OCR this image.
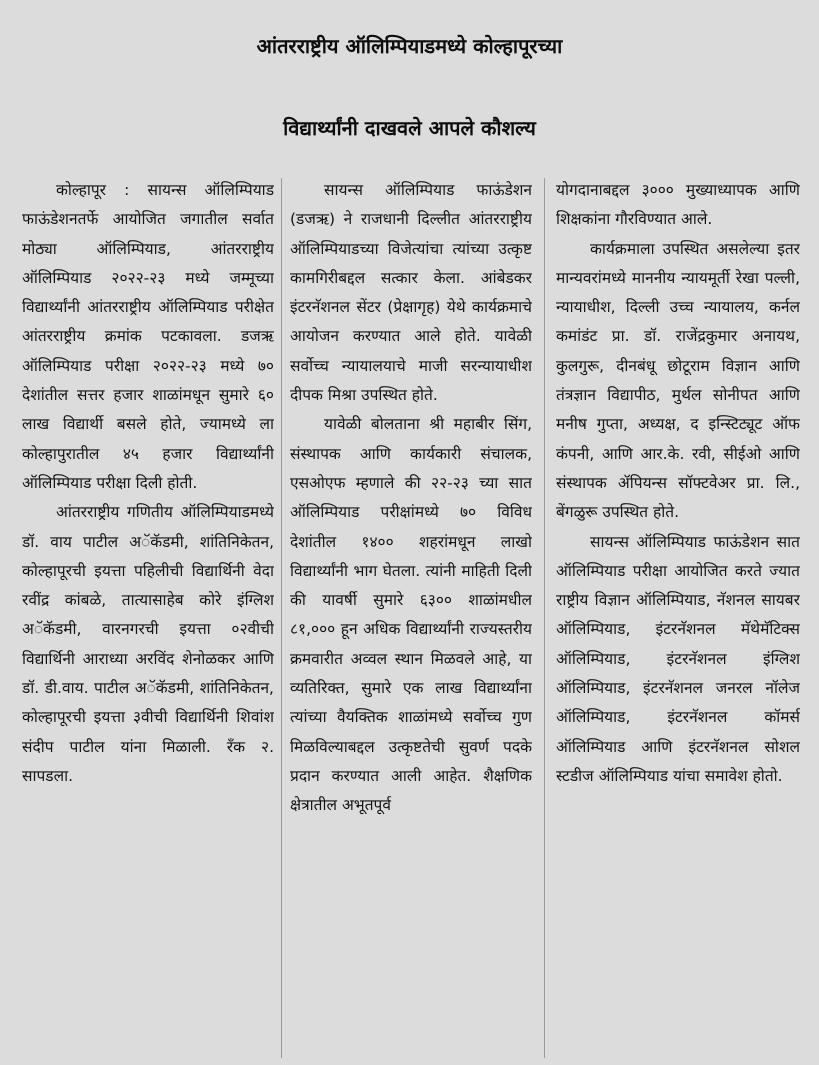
आंतरराष्ट्रीय ऑलिम्पियाडमध्ये कोल्हापूरच्या
विद्यार्थ्यांनी दाखवले आपले कौशल्य

कोल्हापूर : सायन्स ऑलिम्पियाड फाऊंडेशनतर्फे आयोजित जगातील सर्वात मोठ्या ऑलिम्पियाड, आंतरराष्ट्रीय ऑलिम्पियाड २०२२-२३ मध्ये जम्मूच्या विद्यार्थ्यांनी आंतरराष्ट्रीय ऑलिम्पियाड परीक्षेत आंतरराष्ट्रीय क्रमांक पटकावला. डजऋ ऑलिम्पियाड परीक्षा २०२२-२३ मध्ये ७० देशांतील सत्तर हजार शाळांमधून सुमारे ६० लाख विद्यार्थी बसले होते, ज्यामध्ये ला कोल्हापुरातील ४५ हजार विद्यार्थ्यांनी ऑलिम्पियाड परीक्षा दिली होती.

आंतरराष्ट्रीय गणितीय ऑलिम्पियाडमध्ये डॉ. वाय पाटील अॅकॅडमी, शांतिनिकेतन, कोल्हापूरची इयत्ता पहिलीची विद्यार्थिनी वेदा रवींद्र कांबळे, तात्यासाहेब कोरे इंग्लिश अॅकॅडमी, वारनगरची इयत्ता ०२वीची विद्यार्थिनी आराध्या अरविंद शेनोळकर आणि डॉ. डी.वाय. पाटील अॅकॅडमी, शांतिनिकेतन, कोल्हापूरची इयत्ता ३वीची विद्यार्थिनी शिवांश संदीप पाटील यांना मिळाली. रँक २. सापडला.

सायन्स ऑलिम्पियाड फाऊंडेशन (डजऋ) ने राजधानी दिल्लीत आंतरराष्ट्रीय ऑलिम्पियाडच्या विजेत्यांचा त्यांच्या उत्कृष्ट कामगिरीबद्दल सत्कार केला. आंबेडकर इंटरनॅशनल सेंटर (प्रेक्षागृह) येथे कार्यक्रमाचे आयोजन करण्यात आले होते. यावेळी सर्वोच्च न्यायालयाचे माजी सरन्यायाधीश दीपक मिश्रा उपस्थित होते.

यावेळी बोलताना श्री महाबीर सिंग, संस्थापक आणि कार्यकारी संचालक, एसओएफ म्हणाले की २२-२३ च्या सात ऑलिम्पियाड परीक्षांमध्ये ७० विविध देशांतील १४०० शहरांमधून लाखो विद्यार्थ्यांनी भाग घेतला. त्यांनी माहिती दिली की यावर्षी सुमारे ६३०० शाळांमधील ८१,००० हून अधिक विद्यार्थ्यांनी राज्यस्तरीय क्रमवारीत अव्वल स्थान मिळवले आहे, या व्यतिरिक्त, सुमारे एक लाख विद्यार्थ्यांना त्यांच्या वैयक्तिक शाळांमध्ये सर्वोच्च गुण मिळविल्याबद्दल उत्कृष्टतेची सुवर्ण पदके प्रदान करण्यात आली आहेत. शैक्षणिक क्षेत्रातील अभूतपूर्व

योगदानाबद्दल ३००० मुख्याध्यापक आणि शिक्षकांना गौरविण्यात आले.

कार्यक्रमाला उपस्थित असलेल्या इतर मान्यवरांमध्ये माननीय न्यायमूर्ती रेखा पल्ली, न्यायाधीश, दिल्ली उच्च न्यायालय, कर्नल कमांडंट प्रा. डॉ. राजेंद्रकुमार अनायथ, कुलगुरू, दीनबंधू छोटूराम विज्ञान आणि तंत्रज्ञान विद्यापीठ, मुर्थल सोनीपत आणि मनीष गुप्ता, अध्यक्ष, द इन्स्टिट्यूट ऑफ कंपनी, आणि आर.के. रवी, सीईओ आणि संस्थापक ॲपियन्स सॉफ्टवेअर प्रा. लि., बेंगळुरू उपस्थित होते.

सायन्स ऑलिम्पियाड फाऊंडेशन सात ऑलिम्पियाड परीक्षा आयोजित करते ज्यात राष्ट्रीय विज्ञान ऑलिम्पियाड, नॅशनल सायबर ऑलिम्पियाड, इंटरनॅशनल मॅथेमॅटिक्स ऑलिम्पियाड, इंटरनॅशनल इंग्लिश ऑलिम्पियाड, इंटरनॅशनल जनरल नॉलेज ऑलिम्पियाड, इंटरनॅशनल कॉमर्स ऑलिम्पियाड आणि इंटरनॅशनल सोशल स्टडीज ऑलिम्पियाड यांचा समावेश होतो.
